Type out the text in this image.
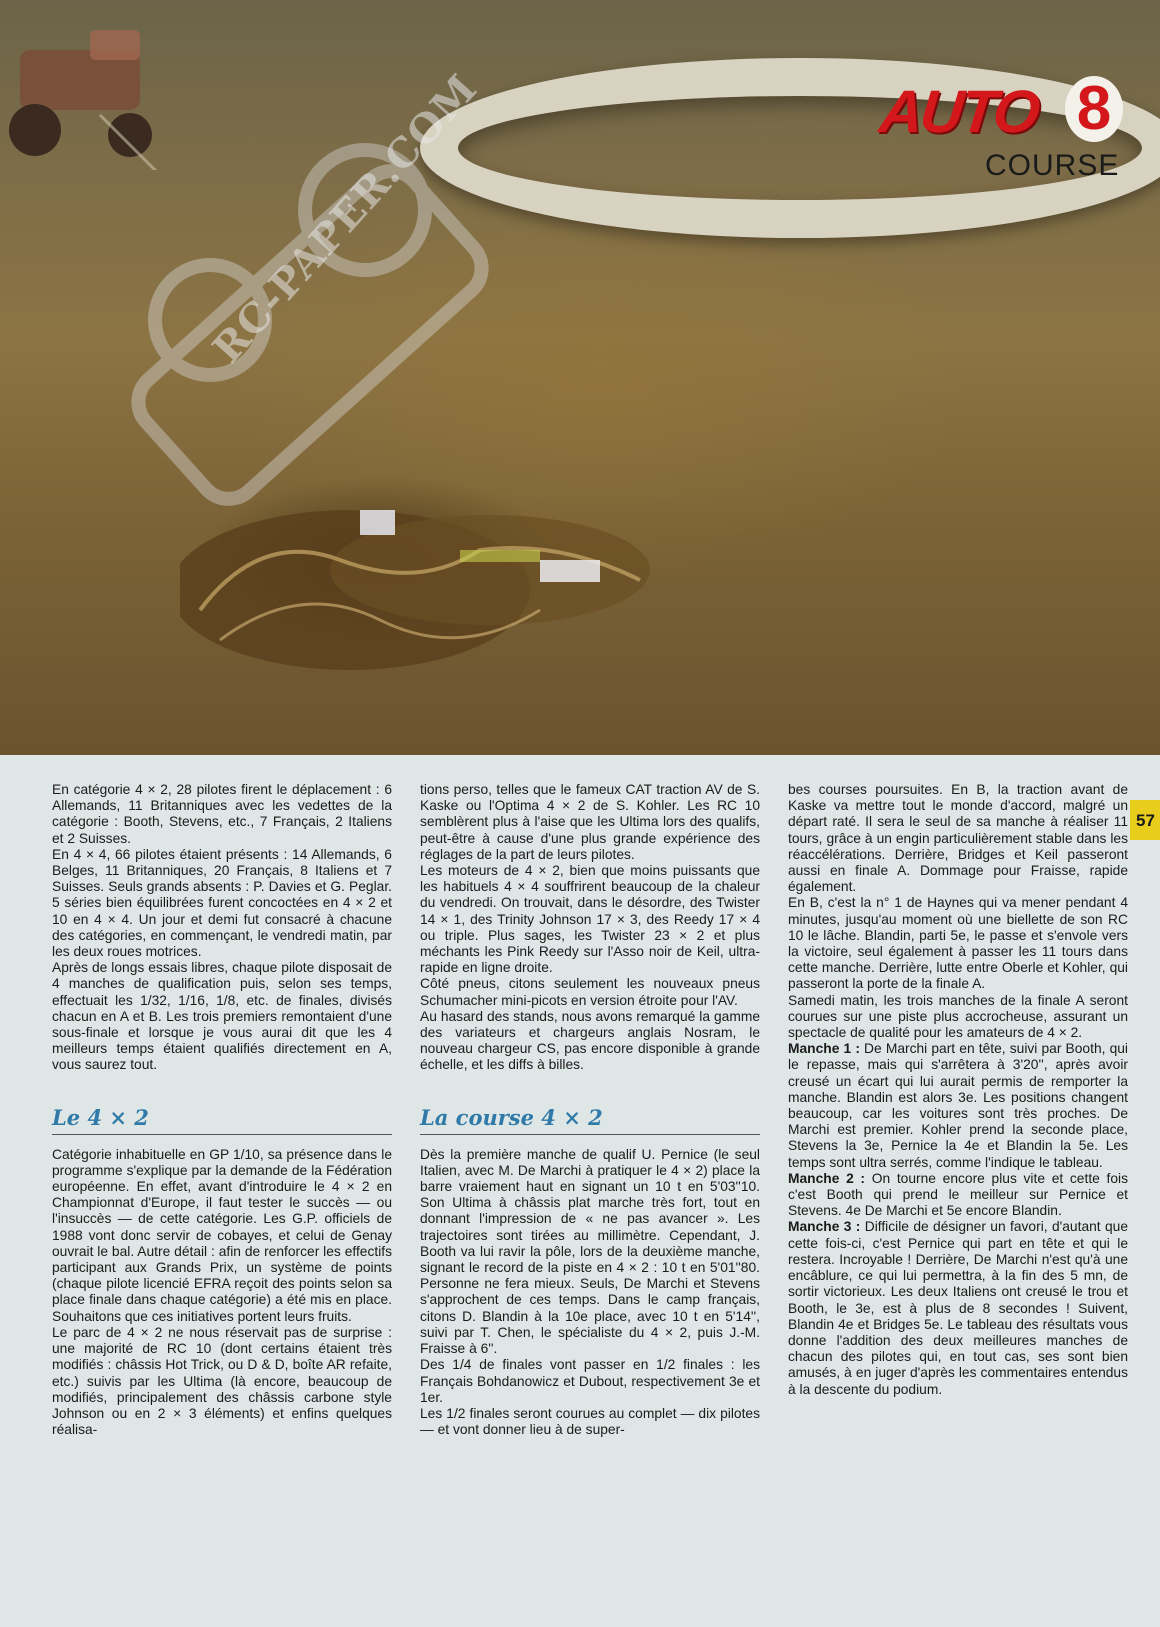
RC-PAPER.COM	AUTO 8
COURSE
57

En catégorie 4 × 2, 28 pilotes firent le déplacement : 6 Allemands, 11 Britanniques avec les vedettes de la catégorie : Booth, Stevens, etc., 7 Français, 2 Italiens et 2 Suisses.

En 4 × 4, 66 pilotes étaient présents : 14 Allemands, 6 Belges, 11 Britanniques, 20 Français, 8 Italiens et 7 Suisses. Seuls grands absents : P. Davies et G. Peglar. 5 séries bien équilibrées furent concoctées en 4 × 2 et 10 en 4 × 4. Un jour et demi fut consacré à chacune des catégories, en commençant, le vendredi matin, par les deux roues motrices.

Après de longs essais libres, chaque pilote disposait de 4 manches de qualification puis, selon ses temps, effectuait les 1/32, 1/16, 1/8, etc. de finales, divisés chacun en A et B. Les trois premiers remontaient d'une sous-finale et lorsque je vous aurai dit que les 4 meilleurs temps étaient qualifiés directement en A, vous saurez tout.

Le 4 × 2

Catégorie inhabituelle en GP 1/10, sa présence dans le programme s'explique par la demande de la Fédération européenne. En effet, avant d'introduire le 4 × 2 en Championnat d'Europe, il faut tester le succès — ou l'insuccès — de cette catégorie. Les G.P. officiels de 1988 vont donc servir de cobayes, et celui de Genay ouvrait le bal. Autre détail : afin de renforcer les effectifs participant aux Grands Prix, un système de points (chaque pilote licencié EFRA reçoit des points selon sa place finale dans chaque catégorie) a été mis en place. Souhaitons que ces initiatives portent leurs fruits.

Le parc de 4 × 2 ne nous réservait pas de surprise : une majorité de RC 10 (dont certains étaient très modifiés : châssis Hot Trick, ou D & D, boîte AR refaite, etc.) suivis par les Ultima (là encore, beaucoup de modifiés, principalement des châssis carbone style Johnson ou en 2 × 3 éléments) et enfins quelques réalisa-

tions perso, telles que le fameux CAT traction AV de S. Kaske ou l'Optima 4 × 2 de S. Kohler. Les RC 10 semblèrent plus à l'aise que les Ultima lors des qualifs, peut-être à cause d'une plus grande expérience des réglages de la part de leurs pilotes.

Les moteurs de 4 × 2, bien que moins puissants que les habituels 4 × 4 souffrirent beaucoup de la chaleur du vendredi. On trouvait, dans le désordre, des Twister 14 × 1, des Trinity Johnson 17 × 3, des Reedy 17 × 4 ou triple. Plus sages, les Twister 23 × 2 et plus méchants les Pink Reedy sur l'Asso noir de Keil, ultra-rapide en ligne droite.

Côté pneus, citons seulement les nouveaux pneus Schumacher mini-picots en version étroite pour l'AV.

Au hasard des stands, nous avons remarqué la gamme des variateurs et chargeurs anglais Nosram, le nouveau chargeur CS, pas encore disponible à grande échelle, et les diffs à billes.

La course 4 × 2

Dès la première manche de qualif U. Pernice (le seul Italien, avec M. De Marchi à pratiquer le 4 × 2) place la barre vraiement haut en signant un 10 t en 5'03''10. Son Ultima à châssis plat marche très fort, tout en donnant l'impression de « ne pas avancer ». Les trajectoires sont tirées au millimètre. Cependant, J. Booth va lui ravir la pôle, lors de la deuxième manche, signant le record de la piste en 4 × 2 : 10 t en 5'01''80. Personne ne fera mieux. Seuls, De Marchi et Stevens s'approchent de ces temps. Dans le camp français, citons D. Blandin à la 10e place, avec 10 t en 5'14'', suivi par T. Chen, le spécialiste du 4 × 2, puis J.-M. Fraisse à 6''.

Des 1/4 de finales vont passer en 1/2 finales : les Français Bohdanowicz et Dubout, respectivement 3e et 1er.

Les 1/2 finales seront courues au complet — dix pilotes — et vont donner lieu à de super-

bes courses poursuites. En B, la traction avant de Kaske va mettre tout le monde d'accord, malgré un départ raté. Il sera le seul de sa manche à réaliser 11 tours, grâce à un engin particulièrement stable dans les réaccélérations. Derrière, Bridges et Keil passeront aussi en finale A. Dommage pour Fraisse, rapide également.

En B, c'est la n° 1 de Haynes qui va mener pendant 4 minutes, jusqu'au moment où une biellette de son RC 10 le lâche. Blandin, parti 5e, le passe et s'envole vers la victoire, seul également à passer les 11 tours dans cette manche. Derrière, lutte entre Oberle et Kohler, qui passeront la porte de la finale A.

Samedi matin, les trois manches de la finale A seront courues sur une piste plus accrocheuse, assurant un spectacle de qualité pour les amateurs de 4 × 2.

Manche 1 : De Marchi part en tête, suivi par Booth, qui le repasse, mais qui s'arrêtera à 3'20'', après avoir creusé un écart qui lui aurait permis de remporter la manche. Blandin est alors 3e. Les positions changent beaucoup, car les voitures sont très proches. De Marchi est premier. Kohler prend la seconde place, Stevens la 3e, Pernice la 4e et Blandin la 5e. Les temps sont ultra serrés, comme l'indique le tableau.

Manche 2 : On tourne encore plus vite et cette fois c'est Booth qui prend le meilleur sur Pernice et Stevens. 4e De Marchi et 5e encore Blandin.

Manche 3 : Difficile de désigner un favori, d'autant que cette fois-ci, c'est Pernice qui part en tête et qui le restera. Incroyable ! Derrière, De Marchi n'est qu'à une encâblure, ce qui lui permettra, à la fin des 5 mn, de sortir victorieux. Les deux Italiens ont creusé le trou et Booth, le 3e, est à plus de 8 secondes ! Suivent, Blandin 4e et Bridges 5e. Le tableau des résultats vous donne l'addition des deux meilleures manches de chacun des pilotes qui, en tout cas, ses sont bien amusés, à en juger d'après les commentaires entendus à la descente du podium.
